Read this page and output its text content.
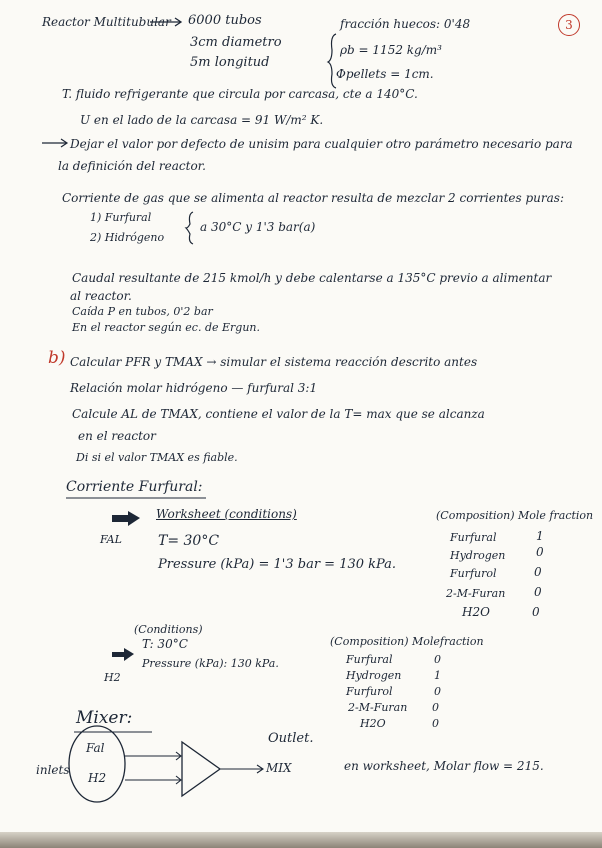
3
Reactor Multitubular 6000 tubos
3cm diametro
5m longitud
fracción huecos: 0'48
ρb = 1152 kg/m³
Φpellets = 1cm.
T. fluido refrigerante que circula por carcasa, cte a 140°C.
U en el lado de la carcasa = 91 W/m² K.
Dejar el valor por defecto de unisim para cualquier otro parámetro necesario para
la definición del reactor.
Corriente de gas que se alimenta al reactor resulta de mezclar 2 corrientes puras:
1) Furfural
2) Hidrógeno
a 30°C y 1'3 bar(a)
Caudal resultante de 215 kmol/h y debe calentarse a 135°C previo a alimentar
al reactor.
Caída P en tubos, 0'2 bar
En el reactor según ec. de Ergun.
b) Calcular PFR y TMAX → simular el sistema reacción descrito antes
Relación molar hidrógeno — furfural 3:1
Calcule AL de TMAX, contiene el valor de la T= max que se alcanza
en el reactor
Di si el valor TMAX es fiable.
Corriente Furfural:
FAL
Worksheet (conditions)
T= 30°C
Pressure (kPa) = 1'3 bar = 130 kPa.
(Composition) Mole fraction
Furfural	1
Hydrogen	0
Furfurol	0
2-M-Furan 0
H2O	0
(Conditions)
T: 30°C
Pressure (kPa): 130 kPa.
H2
(Composition) Molefraction
Furfural	0
Hydrogen	1
Furfurol	0
2-M-Furan 0
H2O	0
Mixer:
inlets
Fal
H2
Outlet.
MIX	en worksheet, Molar flow = 215.
